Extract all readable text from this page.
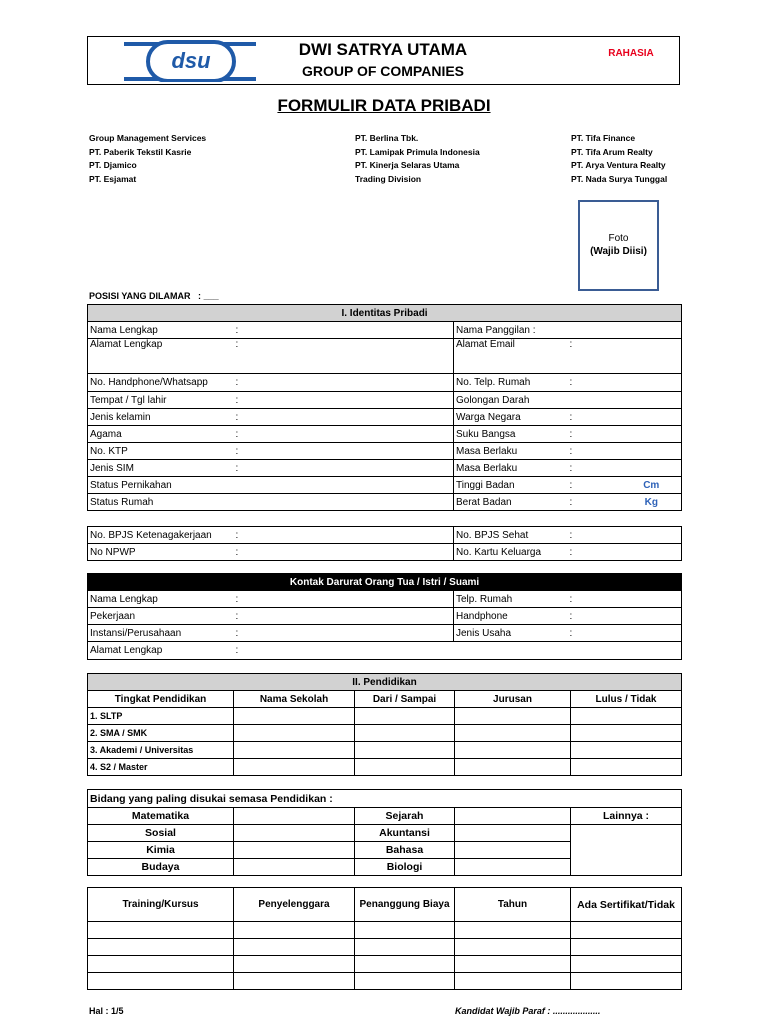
dsu	DWI SATRYA UTAMA
GROUP OF COMPANIES
RAHASIA
FORMULIR DATA PRIBADI
Group Management Services
PT. Paberik Tekstil Kasrie
PT. Djamico
PT. Esjamat
PT. Berlina Tbk.
PT. Lamipak Primula Indonesia
PT. Kinerja Selaras Utama
Trading Division
PT. Tifa Finance
PT. Tifa Arum Realty
PT. Arya Ventura Realty
PT. Nada Surya Tunggal
Foto
(Wajib Diisi)
POSISI YANG DILAMAR : ___
I. Identitas Pribadi				
Nama Lengkap	:	Nama Panggilan :		
Alamat Lengkap	:	Alamat Email	:	
No. Handphone/Whatsapp	:	No. Telp. Rumah	:	
Tempat / Tgl lahir	:	Golongan Darah		
Jenis kelamin	:	Warga Negara	:	
Agama	:	Suku Bangsa	:	
No. KTP	:	Masa Berlaku	:	
Jenis SIM	:	Masa Berlaku	:	
Status Pernikahan		Tinggi Badan	:	Cm
Status Rumah		Berat Badan	:	Kg
No. BPJS Ketenagakerjaan	:	No. BPJS Sehat	:
No NPWP	:	No. Kartu Keluarga	:
Kontak Darurat Orang Tua / Istri / Suami			
Nama Lengkap	:	Telp. Rumah	:
Pekerjaan	:	Handphone	:
Instansi/Perusahaan	:	Jenis Usaha	:
Alamat Lengkap	:		
II. Pendidikan				
Tingkat Pendidikan	Nama Sekolah	Dari / Sampai	Jurusan	Lulus / Tidak
1. SLTP				
2. SMA / SMK				
3. Akademi / Universitas				
4. S2 / Master				
Bidang yang paling disukai semasa Pendidikan :				
Matematika		Sejarah		Lainnya :
Sosial		Akuntansi		
Kimia		Bahasa		
Budaya		Biologi		
Training/Kursus	Penyelenggara	Penanggung Biaya	Tahun	Ada Sertifikat/Tidak

Hal : 1/5	Kandidat Wajib Paraf : ...................
